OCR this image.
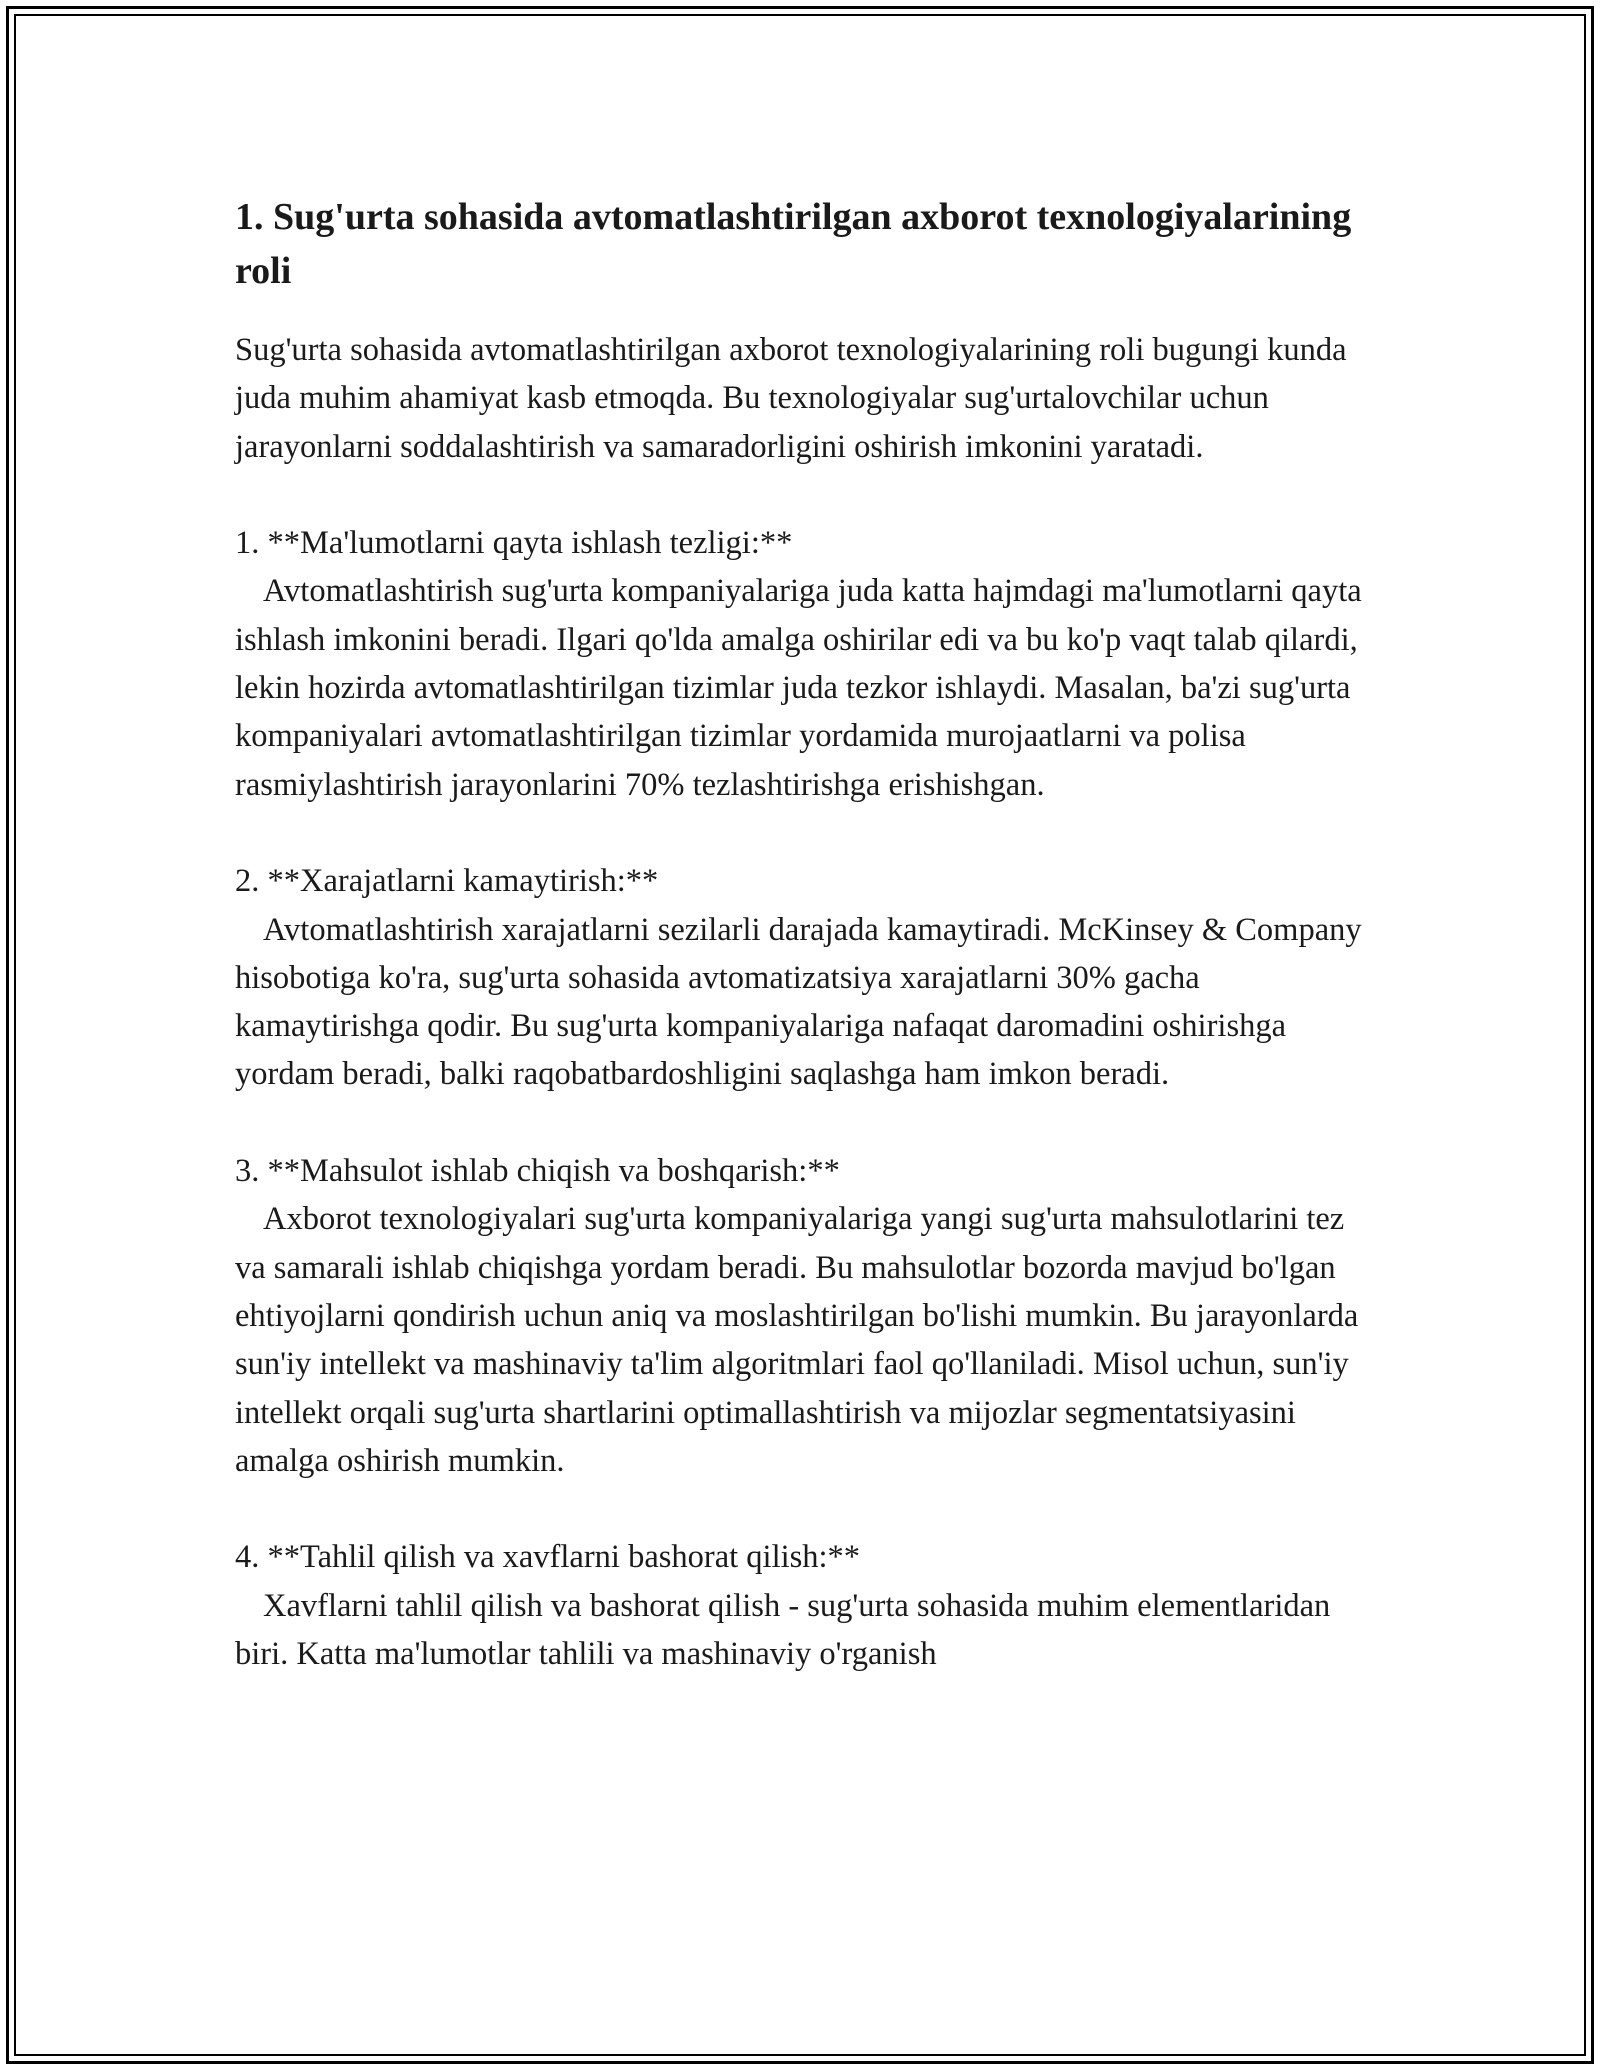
1. Sug'urta sohasida avtomatlashtirilgan axborot texnologiyalarining roli

Sug'urta sohasida avtomatlashtirilgan axborot texnologiyalarining roli bugungi kunda juda muhim ahamiyat kasb etmoqda. Bu texnologiyalar sug'urtalovchilar uchun jarayonlarni soddalashtirish va samaradorligini oshirish imkonini yaratadi.

1. **Ma'lumotlarni qayta ishlash tezligi:**

Avtomatlashtirish sug'urta kompaniyalariga juda katta hajmdagi ma'lumotlarni qayta ishlash imkonini beradi. Ilgari qo'lda amalga oshirilar edi va bu ko'p vaqt talab qilardi, lekin hozirda avtomatlashtirilgan tizimlar juda tezkor ishlaydi. Masalan, ba'zi sug'urta kompaniyalari avtomatlashtirilgan tizimlar yordamida murojaatlarni va polisa rasmiylashtirish jarayonlarini 70% tezlashtirishga erishishgan.

2. **Xarajatlarni kamaytirish:**

Avtomatlashtirish xarajatlarni sezilarli darajada kamaytiradi. McKinsey & Company hisobotiga ko'ra, sug'urta sohasida avtomatizatsiya xarajatlarni 30% gacha kamaytirishga qodir. Bu sug'urta kompaniyalariga nafaqat daromadini oshirishga yordam beradi, balki raqobatbardoshligini saqlashga ham imkon beradi.

3. **Mahsulot ishlab chiqish va boshqarish:**

Axborot texnologiyalari sug'urta kompaniyalariga yangi sug'urta mahsulotlarini tez va samarali ishlab chiqishga yordam beradi. Bu mahsulotlar bozorda mavjud bo'lgan ehtiyojlarni qondirish uchun aniq va moslashtirilgan bo'lishi mumkin. Bu jarayonlarda sun'iy intellekt va mashinaviy ta'lim algoritmlari faol qo'llaniladi. Misol uchun, sun'iy intellekt orqali sug'urta shartlarini optimallashtirish va mijozlar segmentatsiyasini amalga oshirish mumkin.

4. **Tahlil qilish va xavflarni bashorat qilish:**

Xavflarni tahlil qilish va bashorat qilish - sug'urta sohasida muhim elementlaridan biri. Katta ma'lumotlar tahlili va mashinaviy o'rganish
